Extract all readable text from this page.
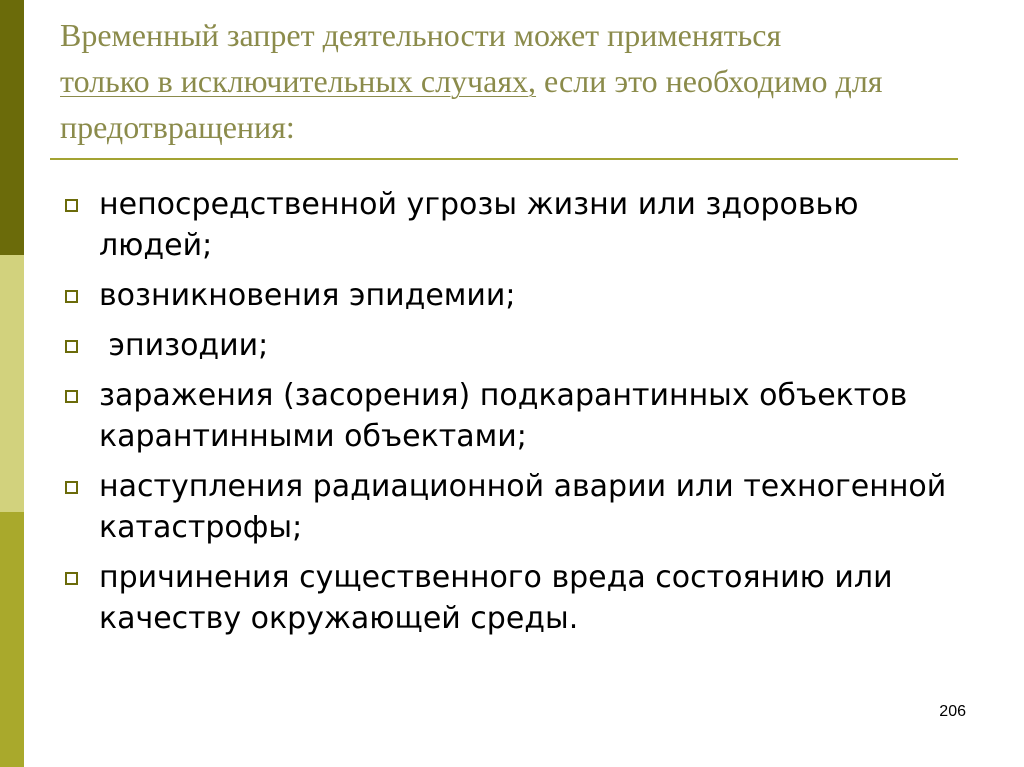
Временный запрет деятельности может применяться
только в исключительных случаях, если это необходимо для предотвращения:
непосредственной угрозы жизни или здоровью людей;
возникновения эпидемии;
эпизодии;
заражения (засорения) подкарантинных объектов карантинными объектами;
наступления радиационной аварии или техногенной катастрофы;
причинения существенного вреда состоянию или качеству окружающей среды.
206
